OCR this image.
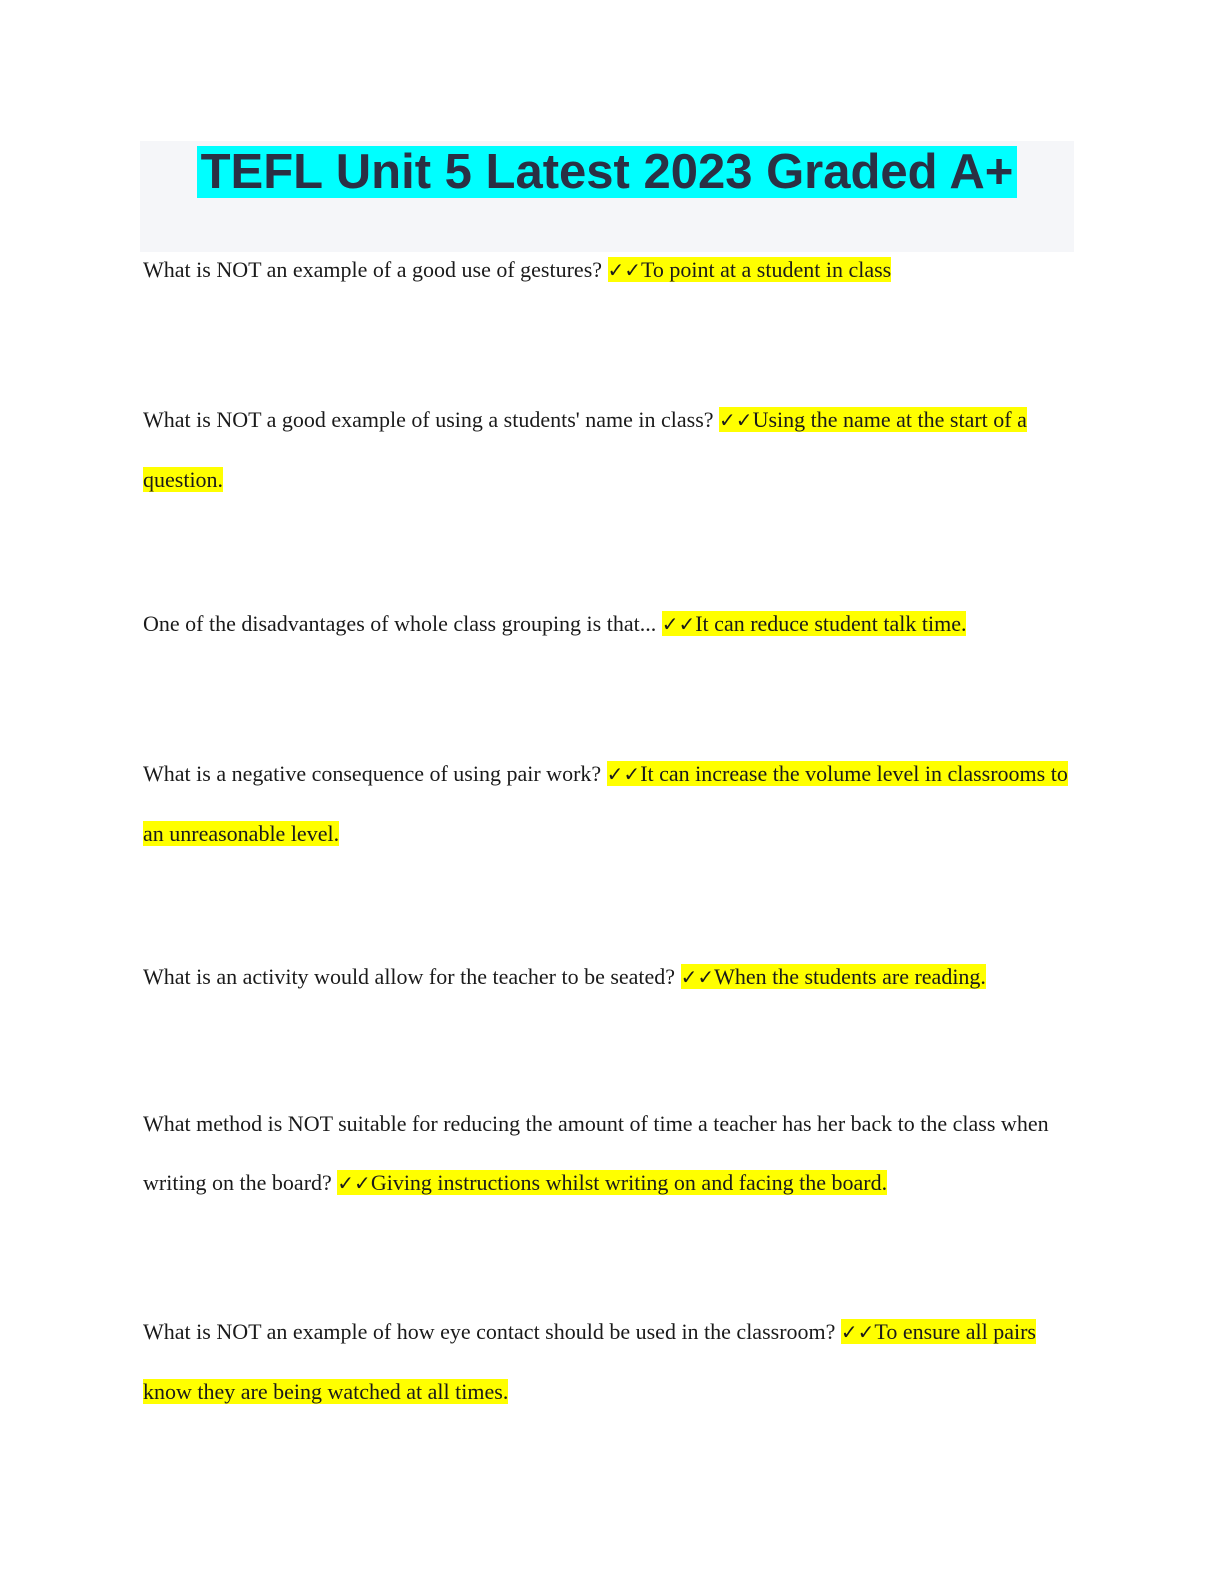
TEFL Unit 5 Latest 2023 Graded A+

What is NOT an example of a good use of gestures? ✓✓To point at a student in class

What is NOT a good example of using a students' name in class? ✓✓Using the name at the start of a question.

One of the disadvantages of whole class grouping is that... ✓✓It can reduce student talk time.

What is a negative consequence of using pair work? ✓✓It can increase the volume level in classrooms to an unreasonable level.

What is an activity would allow for the teacher to be seated? ✓✓When the students are reading.

What method is NOT suitable for reducing the amount of time a teacher has her back to the class when writing on the board? ✓✓Giving instructions whilst writing on and facing the board.

What is NOT an example of how eye contact should be used in the classroom? ✓✓To ensure all pairs know they are being watched at all times.
